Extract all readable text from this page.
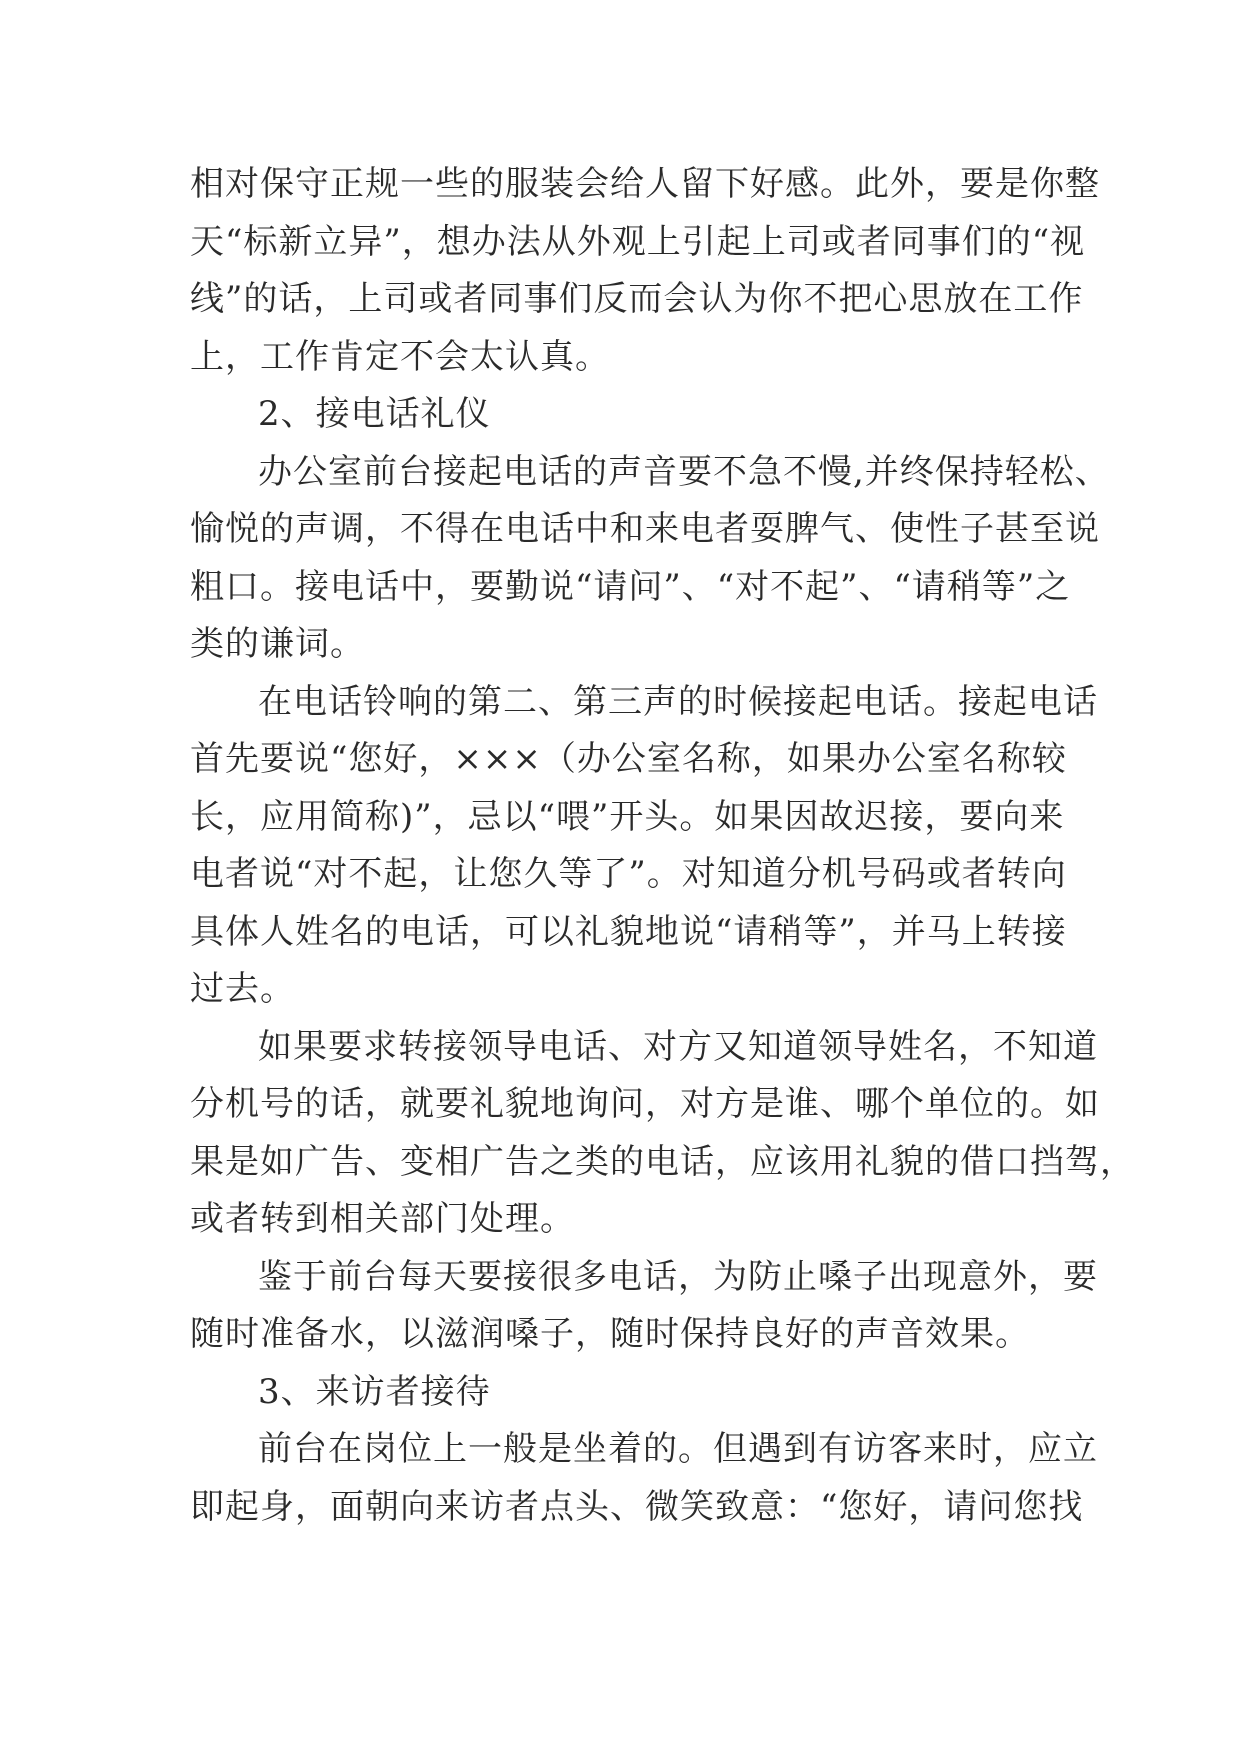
相对保守正规一些的服装会给人留下好感。此外，要是你整
天“标新立异”，想办法从外观上引起上司或者同事们的“视
线”的话，上司或者同事们反而会认为你不把心思放在工作
上，工作肯定不会太认真。
2、接电话礼仪
办公室前台接起电话的声音要不急不慢,并终保持轻松、
愉悦的声调，不得在电话中和来电者耍脾气、使性子甚至说
粗口。接电话中，要勤说“请问”、“对不起”、“请稍等”之
类的谦词。
在电话铃响的第二、第三声的时候接起电话。接起电话
首先要说“您好，×××（办公室名称，如果办公室名称较
长，应用简称)”，忌以“喂”开头。如果因故迟接，要向来
电者说“对不起，让您久等了”。对知道分机号码或者转向
具体人姓名的电话，可以礼貌地说“请稍等”，并马上转接
过去。
如果要求转接领导电话、对方又知道领导姓名，不知道
分机号的话，就要礼貌地询问，对方是谁、哪个单位的。如
果是如广告、变相广告之类的电话，应该用礼貌的借口挡驾，
或者转到相关部门处理。
鉴于前台每天要接很多电话，为防止嗓子出现意外，要
随时准备水，以滋润嗓子，随时保持良好的声音效果。
3、来访者接待
前台在岗位上一般是坐着的。但遇到有访客来时，应立
即起身，面朝向来访者点头、微笑致意：“您好，请问您找
